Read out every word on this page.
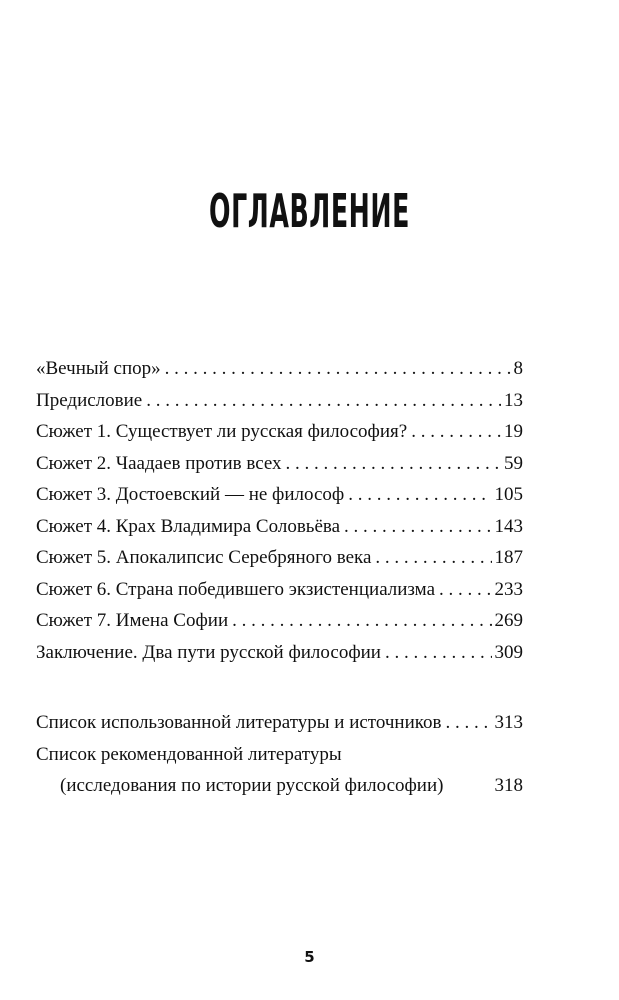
ОГЛАВЛЕНИЕ
«Вечный спор» . . .	8
Предисловие . . .	13
Сюжет 1. Существует ли русская философия? . . .	19
Сюжет 2. Чаадаев против всех . . .	59
Сюжет 3. Достоевский — не философ . . .	105
Сюжет 4. Крах Владимира Соловьёва . . .	143
Сюжет 5. Апокалипсис Серебряного века . . .	187
Сюжет 6. Страна победившего экзистенциализма . . .	233
Сюжет 7. Имена Софии . . .	269
Заключение. Два пути русской философии . . .	309
Список использованной литературы и источников . . .	313
Список рекомендованной литературы
(исследования по истории русской философии)	318
5
